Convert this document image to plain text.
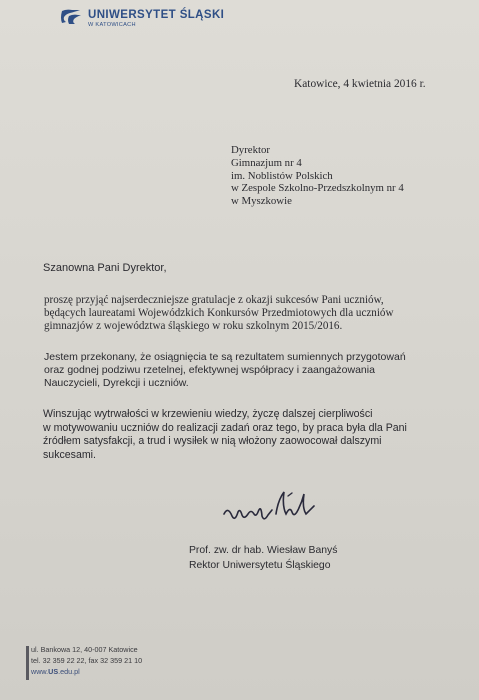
UNIWERSYTET ŚLĄSKI
W KATOWICACH
Katowice, 4 kwietnia 2016 r.
Dyrektor
Gimnazjum nr 4
im. Noblistów Polskich
w Zespole Szkolno-Przedszkolnym nr 4
w Myszkowie
Szanowna Pani Dyrektor,
proszę przyjąć najserdeczniejsze gratulacje z okazji sukcesów Pani uczniów,
będących laureatami Wojewódzkich Konkursów Przedmiotowych dla uczniów
gimnazjów z województwa śląskiego w roku szkolnym 2015/2016.
Jestem przekonany, że osiągnięcia te są rezultatem sumiennych przygotowań
oraz godnej podziwu rzetelnej, efektywnej współpracy i zaangażowania
Nauczycieli, Dyrekcji i uczniów.
Winszując wytrwałości w krzewieniu wiedzy, życzę dalszej cierpliwości
w motywowaniu uczniów do realizacji zadań oraz tego, by praca była dla Pani
źródłem satysfakcji, a trud i wysiłek w nią włożony zaowocował dalszymi
sukcesami.
Prof. zw. dr hab. Wiesław Banyś
Rektor Uniwersytetu Śląskiego
ul. Bankowa 12, 40-007 Katowice
tel. 32 359 22 22, fax 32 359 21 10
www.US.edu.pl
